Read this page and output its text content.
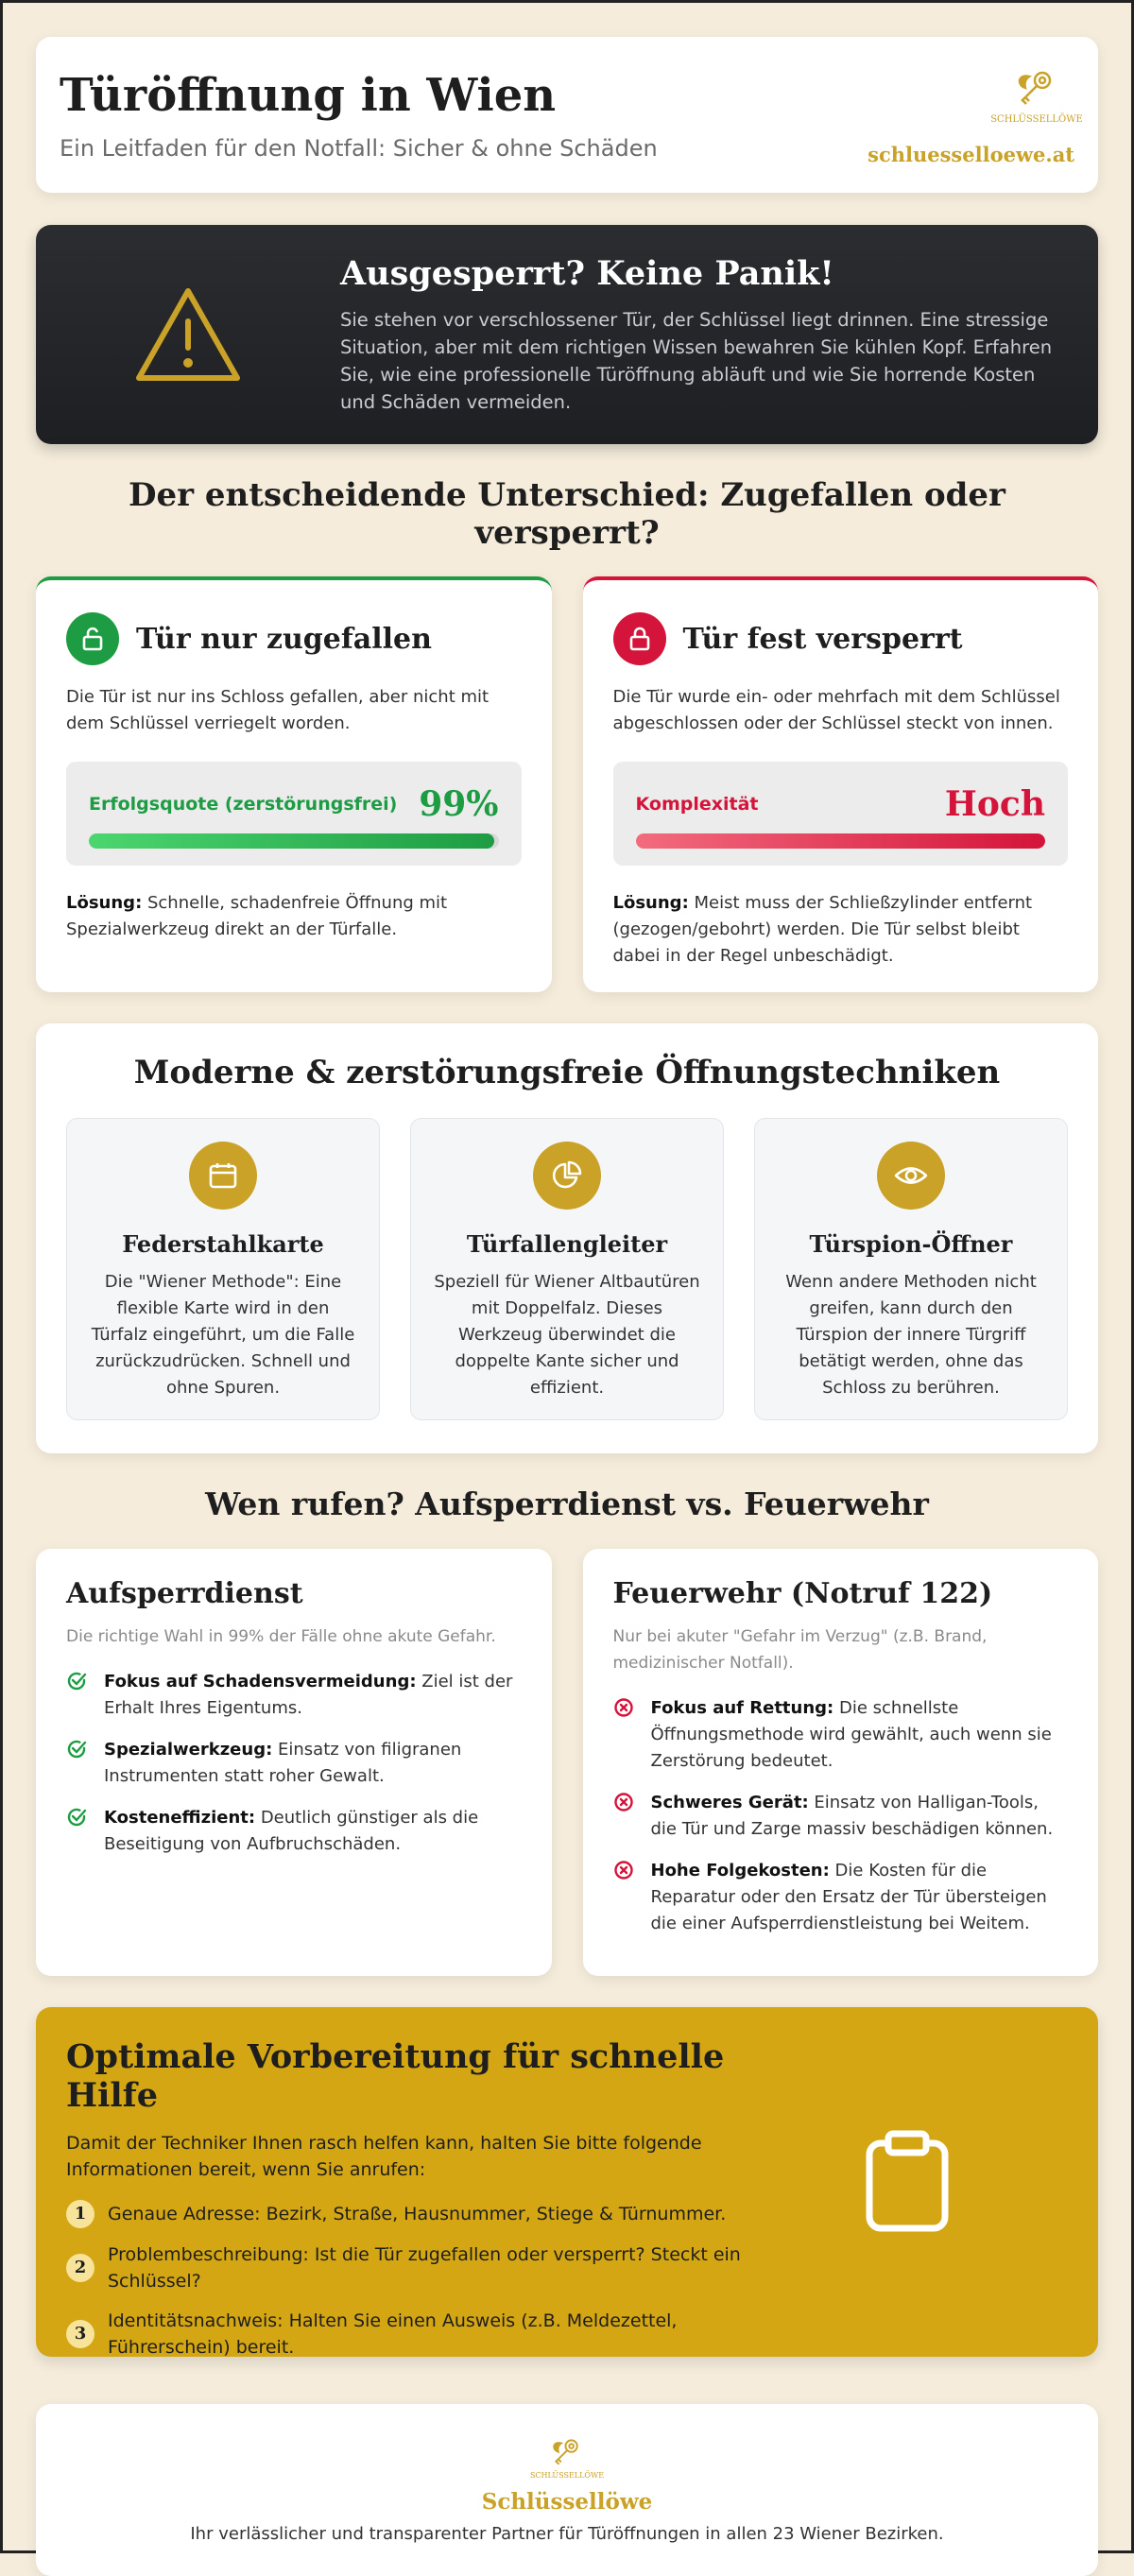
Türöffnung in Wien
Ein Leitfaden für den Notfall: Sicher & ohne Schäden
SCHLÜSSELLÖWE
schluesselloewe.at
Ausgesperrt? Keine Panik!

Sie stehen vor verschlossener Tür, der Schlüssel liegt drinnen. Eine stressige Situation, aber mit dem richtigen Wissen bewahren Sie kühlen Kopf. Erfahren Sie, wie eine professionelle Türöffnung abläuft und wie Sie horrende Kosten und Schäden vermeiden.

Der entscheidende Unterschied: Zugefallen oder versperrt?
Tür nur zugefallen

Die Tür ist nur ins Schloss gefallen, aber nicht mit dem Schlüssel verriegelt worden.

Erfolgsquote (zerstörungsfrei) 99%

Lösung: Schnelle, schadenfreie Öffnung mit Spezialwerkzeug direkt an der Türfalle.

Tür fest versperrt

Die Tür wurde ein- oder mehrfach mit dem Schlüssel abgeschlossen oder der Schlüssel steckt von innen.

Komplexität	Hoch

Lösung: Meist muss der Schließzylinder entfernt (gezogen/gebohrt) werden. Die Tür selbst bleibt dabei in der Regel unbeschädigt.

Moderne & zerstörungsfreie Öffnungstechniken
Federstahlkarte

Die "Wiener Methode": Eine flexible Karte wird in den Türfalz eingeführt, um die Falle zurückzudrücken. Schnell und ohne Spuren.

Türfallengleiter

Speziell für Wiener Altbautüren mit Doppelfalz. Dieses Werkzeug überwindet die doppelte Kante sicher und effizient.

Türspion-Öffner

Wenn andere Methoden nicht greifen, kann durch den Türspion der innere Türgriff betätigt werden, ohne das Schloss zu berühren.

Wen rufen? Aufsperrdienst vs. Feuerwehr
Aufsperrdienst

Die richtige Wahl in 99% der Fälle ohne akute Gefahr.

Fokus auf Schadensvermeidung: Ziel ist der Erhalt Ihres Eigentums.
Spezialwerkzeug: Einsatz von filigranen Instrumenten statt roher Gewalt.
Kosteneffizient: Deutlich günstiger als die Beseitigung von Aufbruchschäden.
Feuerwehr (Notruf 122)

Nur bei akuter "Gefahr im Verzug" (z.B. Brand, medizinischer Notfall).

Fokus auf Rettung: Die schnellste Öffnungsmethode wird gewählt, auch wenn sie Zerstörung bedeutet.
Schweres Gerät: Einsatz von Halligan-Tools, die Tür und Zarge massiv beschädigen können.
Hohe Folgekosten: Die Kosten für die Reparatur oder den Ersatz der Tür übersteigen die einer Aufsperrdienstleistung bei Weitem.
Optimale Vorbereitung für schnelle Hilfe

Damit der Techniker Ihnen rasch helfen kann, halten Sie bitte folgende Informationen bereit, wenn Sie anrufen:

1	Genaue Adresse: Bezirk, Straße, Hausnummer, Stiege & Türnummer.
2
Problembeschreibung: Ist die Tür zugefallen oder versperrt? Steckt ein Schlüssel?
3
Identitätsnachweis: Halten Sie einen Ausweis (z.B. Meldezettel, Führerschein) bereit.
SCHLÜSSELLÖWE
Schlüssellöwe
Ihr verlässlicher und transparenter Partner für Türöffnungen in allen 23 Wiener Bezirken.
